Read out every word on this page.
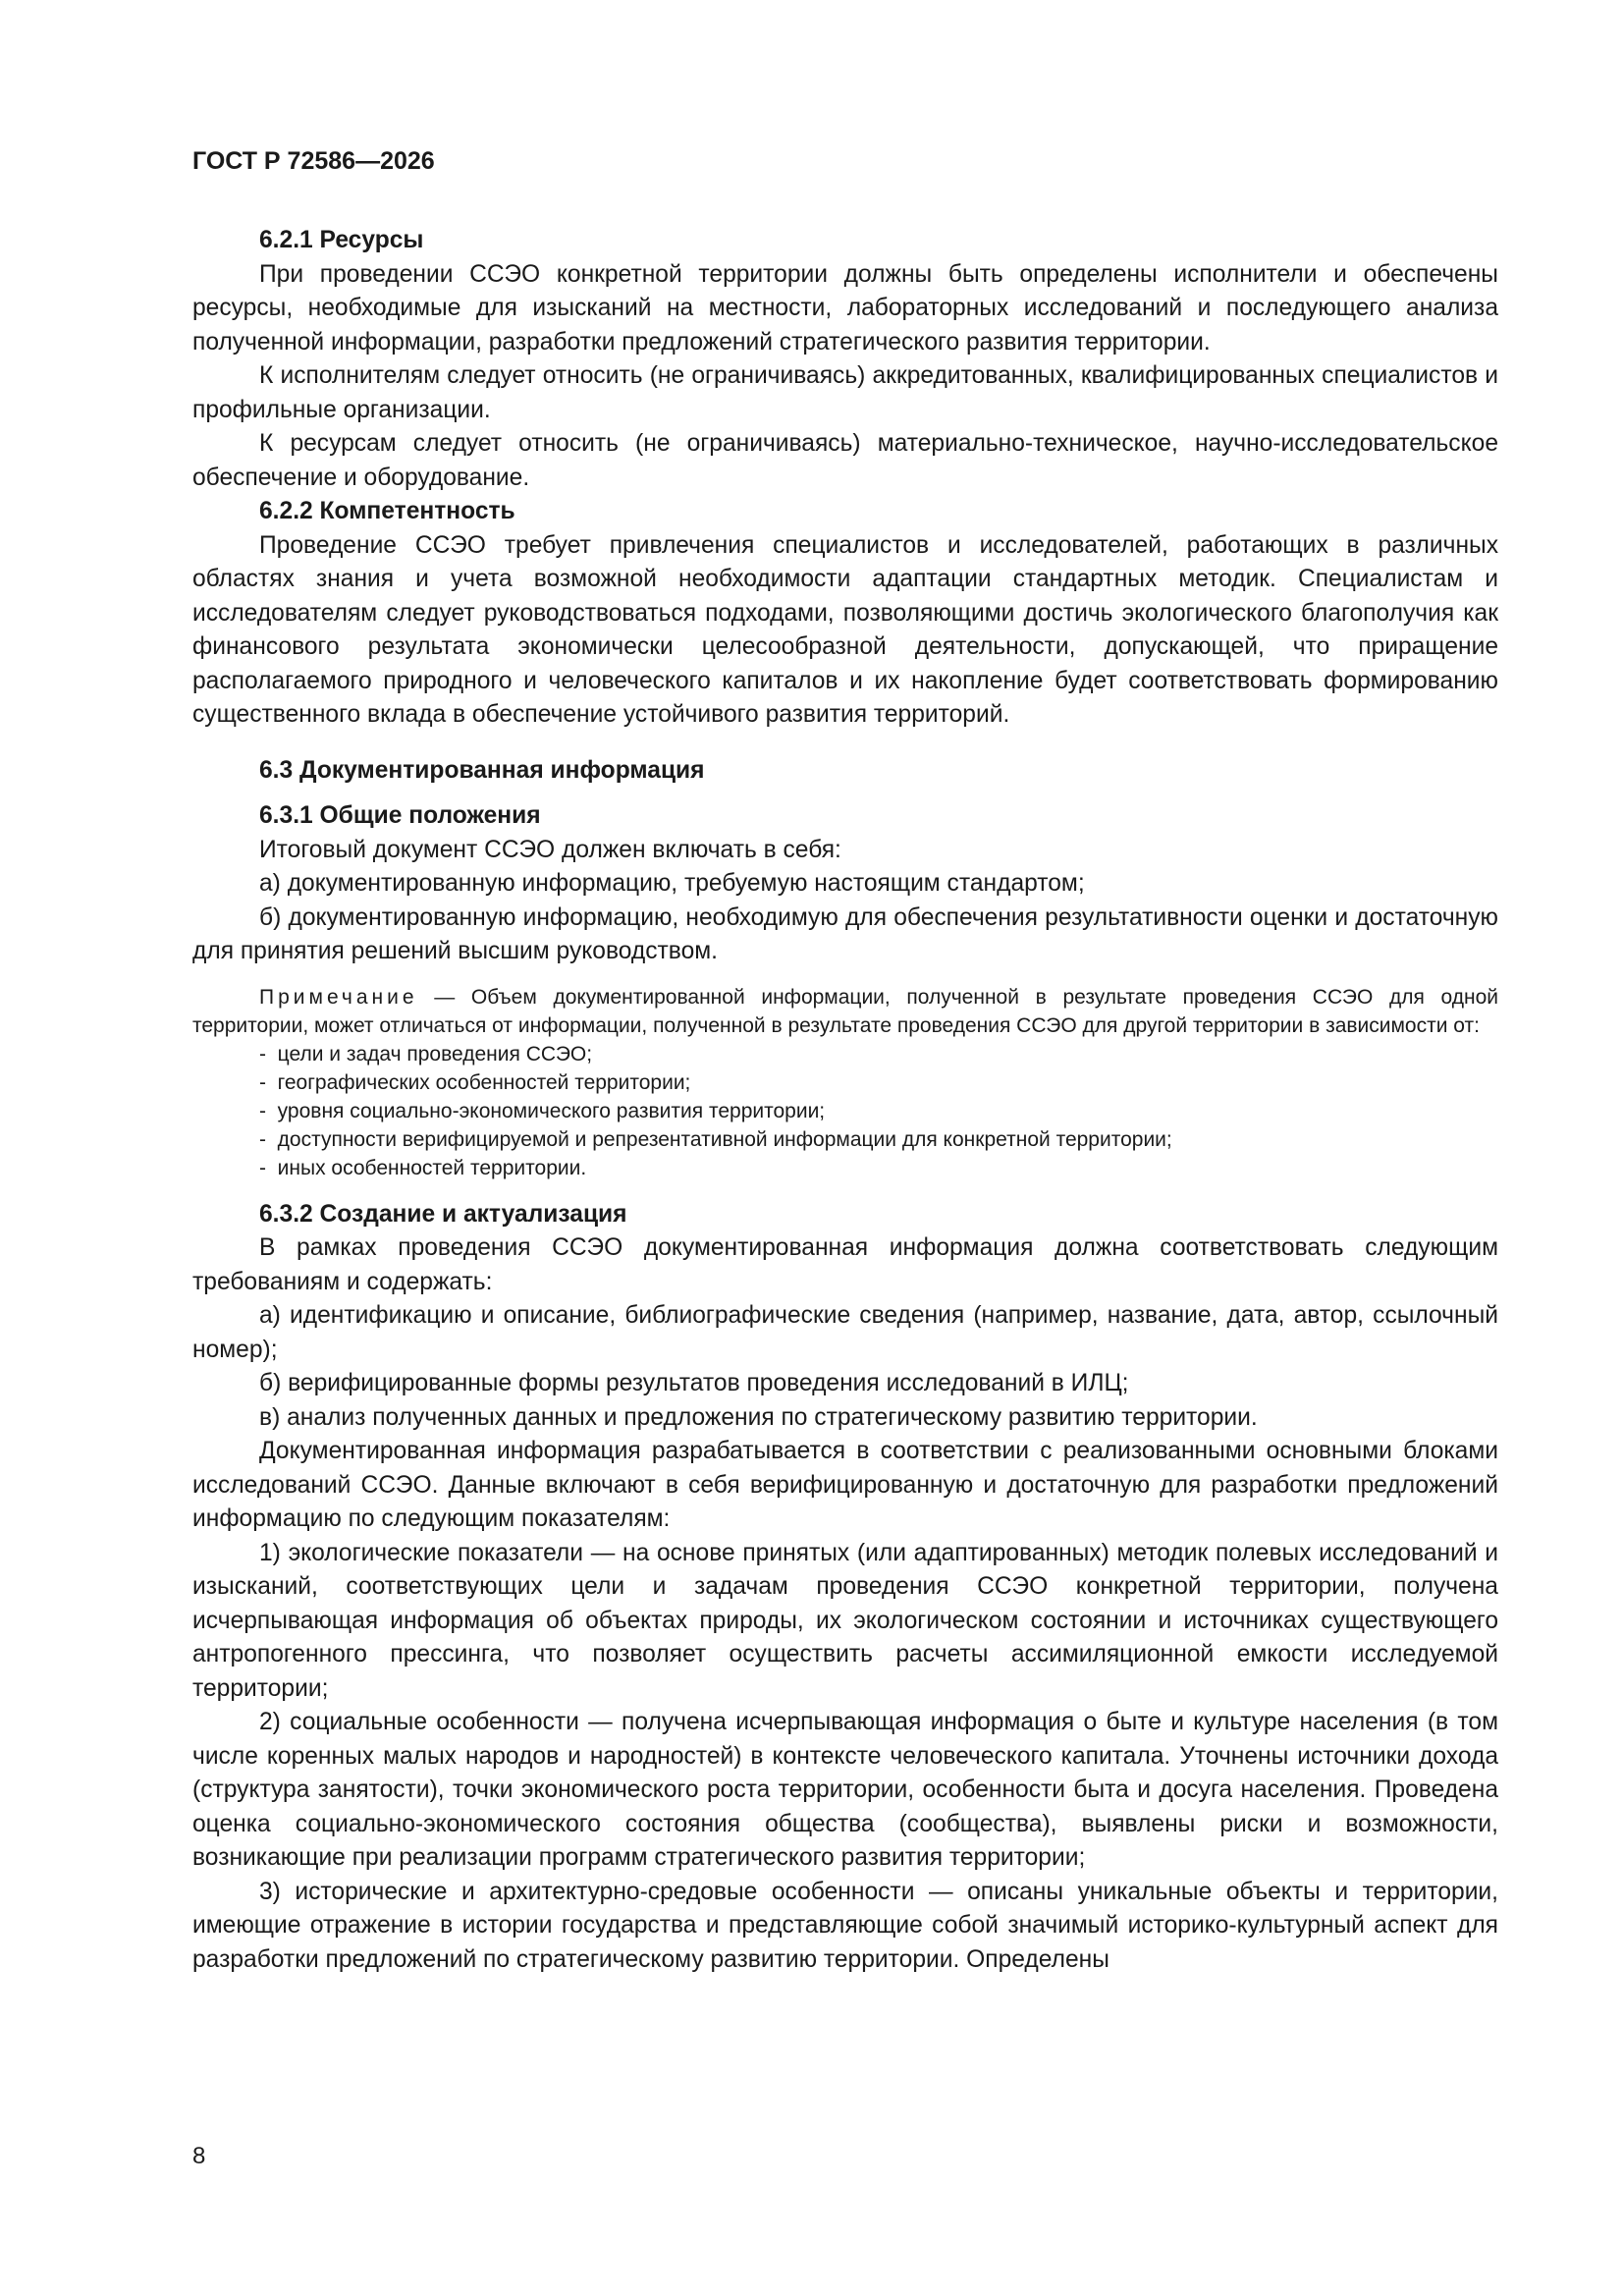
ГОСТ Р 72586—2026

6.2.1 Ресурсы

При проведении ССЭО конкретной территории должны быть определены исполнители и обеспечены ресурсы, необходимые для изысканий на местности, лабораторных исследований и последующего анализа полученной информации, разработки предложений стратегического развития территории.

К исполнителям следует относить (не ограничиваясь) аккредитованных, квалифицированных специалистов и профильные организации.

К ресурсам следует относить (не ограничиваясь) материально-техническое, научно-исследовательское обеспечение и оборудование.

6.2.2 Компетентность

Проведение ССЭО требует привлечения специалистов и исследователей, работающих в различных областях знания и учета возможной необходимости адаптации стандартных методик. Специалистам и исследователям следует руководствоваться подходами, позволяющими достичь экологического благополучия как финансового результата экономически целесообразной деятельности, допускающей, что приращение располагаемого природного и человеческого капиталов и их накопление будет соответствовать формированию существенного вклада в обеспечение устойчивого развития территорий.

6.3 Документированная информация

6.3.1 Общие положения

Итоговый документ ССЭО должен включать в себя:

а) документированную информацию, требуемую настоящим стандартом;

б) документированную информацию, необходимую для обеспечения результативности оценки и достаточную для принятия решений высшим руководством.

Примечание — Объем документированной информации, полученной в результате проведения ССЭО для одной территории, может отличаться от информации, полученной в результате проведения ССЭО для другой территории в зависимости от:

-  цели и задач проведения ССЭО;
-  географических особенностей территории;
-  уровня социально-экономического развития территории;
-  доступности верифицируемой и репрезентативной информации для конкретной территории;
-  иных особенностей территории.

6.3.2 Создание и актуализация

В рамках проведения ССЭО документированная информация должна соответствовать следующим требованиям и содержать:

а) идентификацию и описание, библиографические сведения (например, название, дата, автор, ссылочный номер);

б) верифицированные формы результатов проведения исследований в ИЛЦ;

в) анализ полученных данных и предложения по стратегическому развитию территории.

Документированная информация разрабатывается в соответствии с реализованными основными блоками исследований ССЭО. Данные включают в себя верифицированную и достаточную для разработки предложений информацию по следующим показателям:

1) экологические показатели — на основе принятых (или адаптированных) методик полевых исследований и изысканий, соответствующих цели и задачам проведения ССЭО конкретной территории, получена исчерпывающая информация об объектах природы, их экологическом состоянии и источниках существующего антропогенного прессинга, что позволяет осуществить расчеты ассимиляционной емкости исследуемой территории;

2) социальные особенности — получена исчерпывающая информация о быте и культуре населения (в том числе коренных малых народов и народностей) в контексте человеческого капитала. Уточнены источники дохода (структура занятости), точки экономического роста территории, особенности быта и досуга населения. Проведена оценка социально-экономического состояния общества (сообщества), выявлены риски и возможности, возникающие при реализации программ стратегического развития территории;

3) исторические и архитектурно-средовые особенности — описаны уникальные объекты и территории, имеющие отражение в истории государства и представляющие собой значимый историко-культурный аспект для разработки предложений по стратегическому развитию территории. Определены

8
